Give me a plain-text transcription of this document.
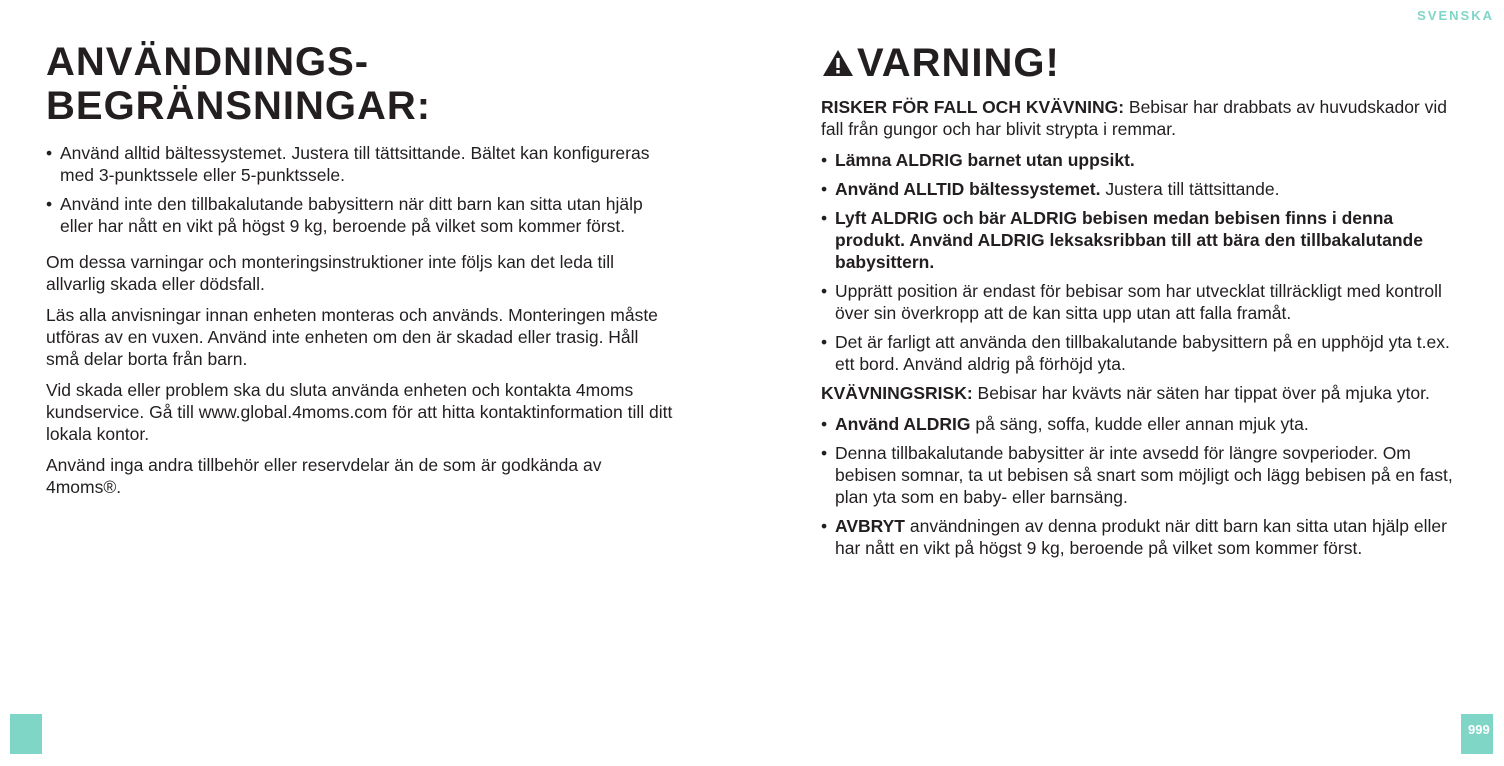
SVENSKA
ANVÄNDNINGS-
BEGRÄNSNINGAR:
• Använd alltid bältessystemet. Justera till tättsittande. Bältet kan konfigureras med 3-punktssele eller 5-punktssele.
• Använd inte den tillbakalutande babysittern när ditt barn kan sitta utan hjälp eller har nått en vikt på högst 9 kg, beroende på vilket som kommer först.

Om dessa varningar och monteringsinstruktioner inte följs kan det leda till allvarlig skada eller dödsfall.

Läs alla anvisningar innan enheten monteras och används. Monteringen måste utföras av en vuxen. Använd inte enheten om den är skadad eller trasig. Håll små delar borta från barn.

Vid skada eller problem ska du sluta använda enheten och kontakta 4moms kundservice. Gå till www.global.4moms.com för att hitta kontaktinformation till ditt lokala kontor.

Använd inga andra tillbehör eller reservdelar än de som är godkända av 4moms®.

VARNING!

RISKER FÖR FALL OCH KVÄVNING: Bebisar har drabbats av huvudskador vid fall från gungor och har blivit strypta i remmar.

• Lämna ALDRIG barnet utan uppsikt.
• Använd ALLTID bältessystemet. Justera till tättsittande.
• Lyft ALDRIG och bär ALDRIG bebisen medan bebisen finns i denna produkt. Använd ALDRIG leksaksribban till att bära den tillbakalutande babysittern.
• Upprätt position är endast för bebisar som har utvecklat tillräckligt med kontroll över sin överkropp att de kan sitta upp utan att falla framåt.
• Det är farligt att använda den tillbakalutande babysittern på en upphöjd yta t.ex. ett bord. Använd aldrig på förhöjd yta.

KVÄVNINGSRISK: Bebisar har kvävts när säten har tippat över på mjuka ytor.

• Använd ALDRIG på säng, soffa, kudde eller annan mjuk yta.
• Denna tillbakalutande babysitter är inte avsedd för längre sovperioder. Om bebisen somnar, ta ut bebisen så snart som möjligt och lägg bebisen på en fast, plan yta som en baby- eller barnsäng.
• AVBRYT användningen av denna produkt när ditt barn kan sitta utan hjälp eller har nått en vikt på högst 9 kg, beroende på vilket som kommer först.
999
